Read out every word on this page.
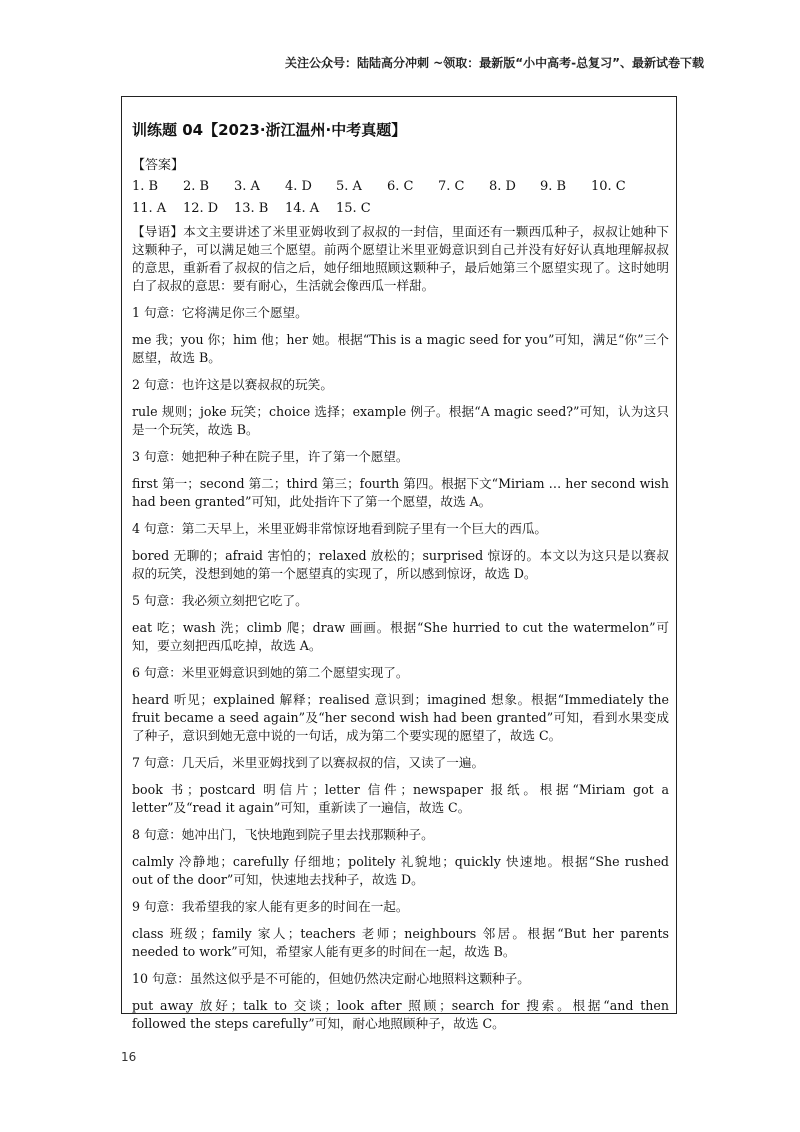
关注公众号：陆陆高分冲刺 ~领取：最新版“小中高考-总复习”、最新试卷下载
训练题 04【2023·浙江温州·中考真题】
【答案】
1. B	2. B	3. A	4. D	5. A	6. C	7. C	8. D	9. B	10. C
11. A	12. D	13. B	14. A	15. C

【导语】本文主要讲述了米里亚姆收到了叔叔的一封信，里面还有一颗西瓜种子，叔叔让她种下这颗种子，可以满足她三个愿望。前两个愿望让米里亚姆意识到自己并没有好好认真地理解叔叔的意思，重新看了叔叔的信之后，她仔细地照顾这颗种子，最后她第三个愿望实现了。这时她明白了叔叔的意思：要有耐心，生活就会像西瓜一样甜。

1 句意：它将满足你三个愿望。

me 我；you 你；him 他；her 她。根据“This is a magic seed for you”可知，满足“你”三个愿望，故选 B。

2 句意：也许这是以赛叔叔的玩笑。

rule 规则；joke 玩笑；choice 选择；example 例子。根据“A magic seed?”可知，认为这只是一个玩笑，故选 B。

3 句意：她把种子种在院子里，许了第一个愿望。

first 第一；second 第二；third 第三；fourth 第四。根据下文“Miriam … her second wish had been granted”可知，此处指许下了第一个愿望，故选 A。

4 句意：第二天早上，米里亚姆非常惊讶地看到院子里有一个巨大的西瓜。

bored 无聊的；afraid 害怕的；relaxed 放松的；surprised 惊讶的。本文以为这只是以赛叔叔的玩笑，没想到她的第一个愿望真的实现了，所以感到惊讶，故选 D。

5 句意：我必须立刻把它吃了。

eat 吃；wash 洗；climb 爬；draw 画画。根据“She hurried to cut the watermelon”可知，要立刻把西瓜吃掉，故选 A。

6 句意：米里亚姆意识到她的第二个愿望实现了。

heard 听见；explained 解释；realised 意识到；imagined 想象。根据“Immediately the fruit became a seed again”及“her second wish had been granted”可知，看到水果变成了种子，意识到她无意中说的一句话，成为第二个要实现的愿望了，故选 C。

7 句意：几天后，米里亚姆找到了以赛叔叔的信，又读了一遍。

book 书；postcard 明信片；letter 信件；newspaper 报纸。根据“Miriam got a letter”及“read it again”可知，重新读了一遍信，故选 C。

8 句意：她冲出门，飞快地跑到院子里去找那颗种子。

calmly 冷静地；carefully 仔细地；politely 礼貌地；quickly 快速地。根据“She rushed out of the door”可知，快速地去找种子，故选 D。

9 句意：我希望我的家人能有更多的时间在一起。

class 班级；family 家人；teachers 老师；neighbours 邻居。根据“But her parents needed to work”可知，希望家人能有更多的时间在一起，故选 B。

10 句意：虽然这似乎是不可能的，但她仍然决定耐心地照料这颗种子。

put away 放好；talk to 交谈；look after 照顾；search for 搜索。根据“and then followed the steps carefully”可知，耐心地照顾种子，故选 C。

16
